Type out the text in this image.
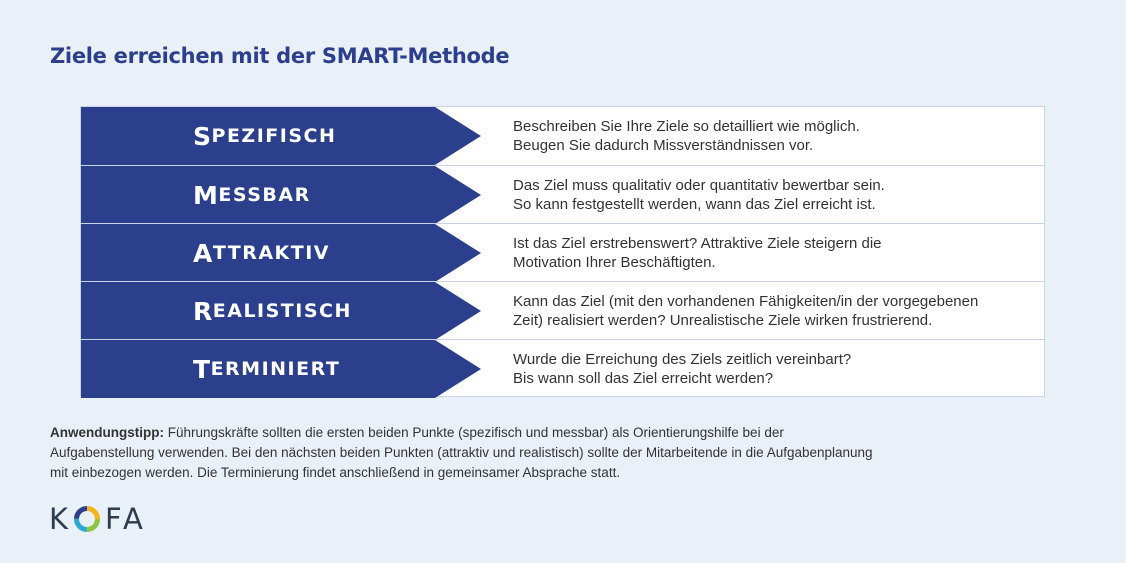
Ziele erreichen mit der SMART-Methode
S PEZIFISCH	Beschreiben Sie Ihre Ziele so detailliert wie möglich.
Beugen Sie dadurch Missverständnissen vor.
M ESSBAR	Das Ziel muss qualitativ oder quantitativ bewertbar sein.
So kann festgestellt werden, wann das Ziel erreicht ist.
A TTRAKTIV	Ist das Ziel erstrebenswert? Attraktive Ziele steigern die
Motivation Ihrer Beschäftigten.
R EALISTISCH	Kann das Ziel (mit den vorhandenen Fähigkeiten/in der vorgegebenen
Zeit) realisiert werden? Unrealistische Ziele wirken frustrierend.
T ERMINIERT	Wurde die Erreichung des Ziels zeitlich vereinbart?
Bis wann soll das Ziel erreicht werden?
Anwendungstipp: Führungskräfte sollten die ersten beiden Punkte (spezifisch und messbar) als Orientierungshilfe bei der Aufgabenstellung verwenden. Bei den nächsten beiden Punkten (attraktiv und realistisch) sollte der Mitarbeitende in die Aufgabenplanung mit einbezogen werden. Die Terminierung findet anschließend in gemeinsamer Absprache statt.
K FA
